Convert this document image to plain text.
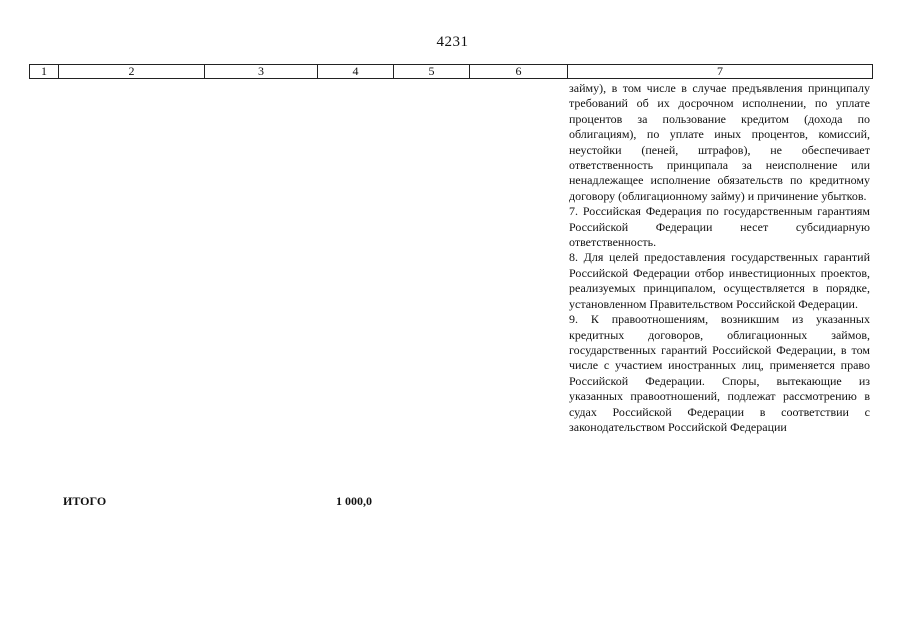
4231
1	2	3	4	5	6	7

займу), в том числе в случае предъявления принципалу требований об их досрочном исполнении, по уплате процентов за пользование кредитом (дохода по облигациям), по уплате иных процентов, комиссий, неустойки (пеней, штрафов), не обеспечивает ответственность принципала за неисполнение или ненадлежащее исполнение обязательств по кредитному договору (облигационному займу) и причинение убытков.

7. Российская Федерация по государственным гарантиям Российской Федерации несет субсидиарную ответственность.

8. Для целей предоставления государственных гарантий Российской Федерации отбор инвестиционных проектов, реализуемых принципалом, осуществляется в порядке, установленном Правительством Российской Федерации.

9. К правоотношениям, возникшим из указанных кредитных договоров, облигационных займов, государственных гарантий Российской Федерации, в том числе с участием иностранных лиц, применяется право Российской Федерации. Споры, вытекающие из указанных правоотношений, подлежат рассмотрению в судах Российской Федерации в соответствии с законодательством Российской Федерации

ИТОГО	1 000,0
